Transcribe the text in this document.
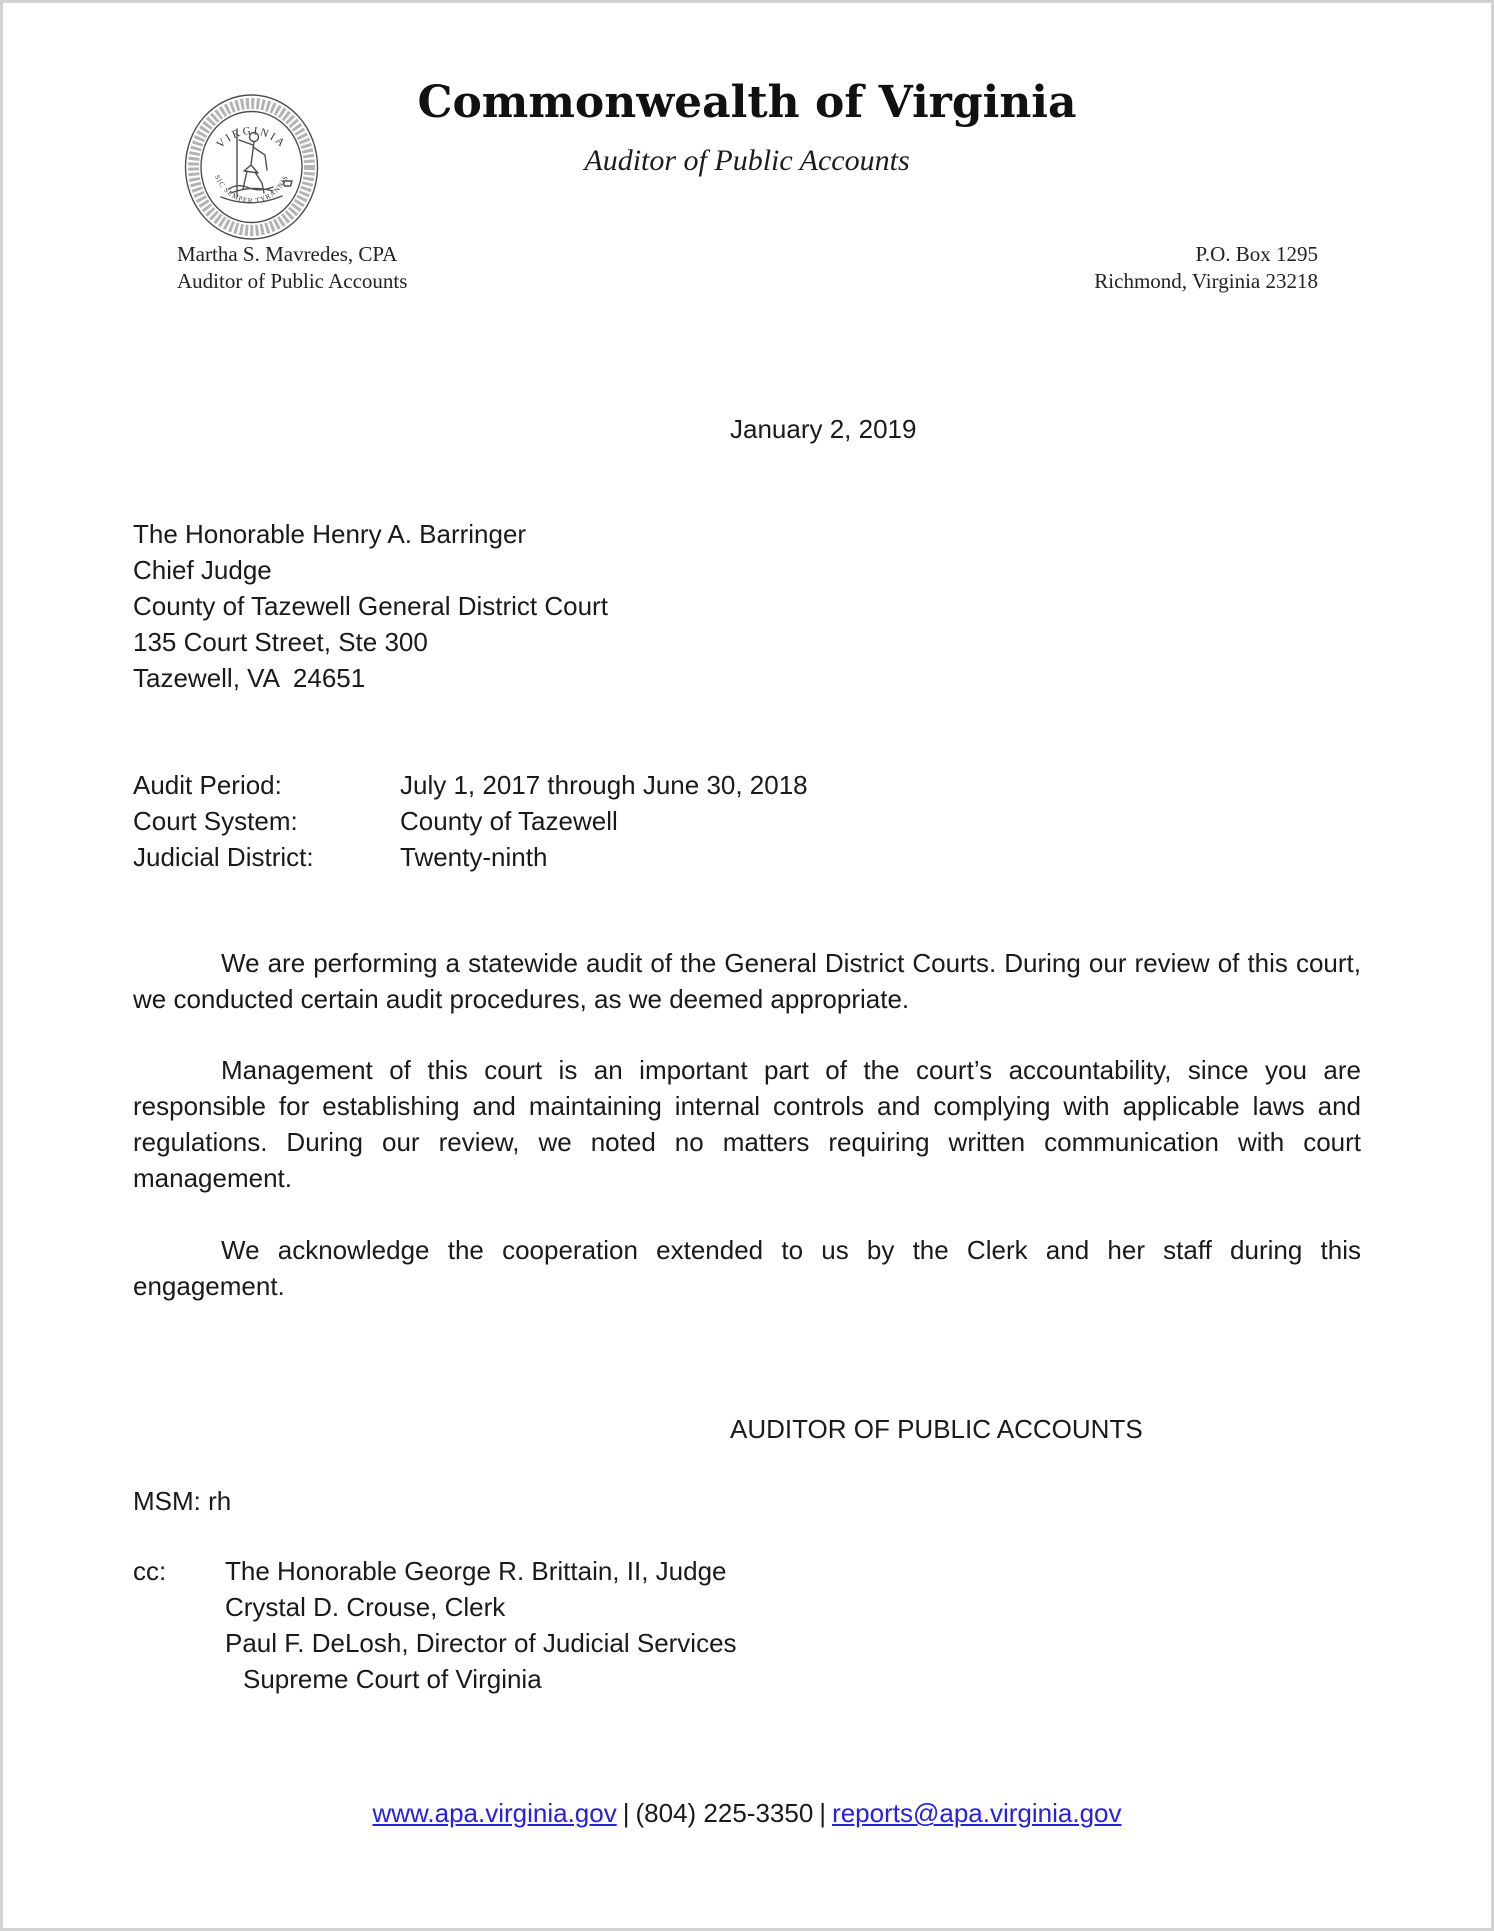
VIRGINIA
SIC SEMPER TYRANNIS
Commonwealth of Virginia
Auditor of Public Accounts
Martha S. Mavredes, CPA
Auditor of Public Accounts
P.O. Box 1295
Richmond, Virginia 23218
January 2, 2019
The Honorable Henry A. Barringer
Chief Judge
County of Tazewell General District Court
135 Court Street, Ste 300
Tazewell, VA  24651
Audit Period:	July 1, 2017 through June 30, 2018
Court System:	County of Tazewell
Judicial District:	Twenty-ninth
We are performing a statewide audit of the General District Courts. During our review of this court, we conducted certain audit procedures, as we deemed appropriate.
Management of this court is an important part of the court’s accountability, since you are responsible for establishing and maintaining internal controls and complying with applicable laws and regulations. During our review, we noted no matters requiring written communication with court management.
We acknowledge the cooperation extended to us by the Clerk and her staff during this engagement.
AUDITOR OF PUBLIC ACCOUNTS
MSM: rh
cc:	The Honorable George R. Brittain, II, Judge
Crystal D. Crouse, Clerk
Paul F. DeLosh, Director of Judicial Services
Supreme Court of Virginia
www.apa.virginia.gov | (804) 225-3350 | reports@apa.virginia.gov
